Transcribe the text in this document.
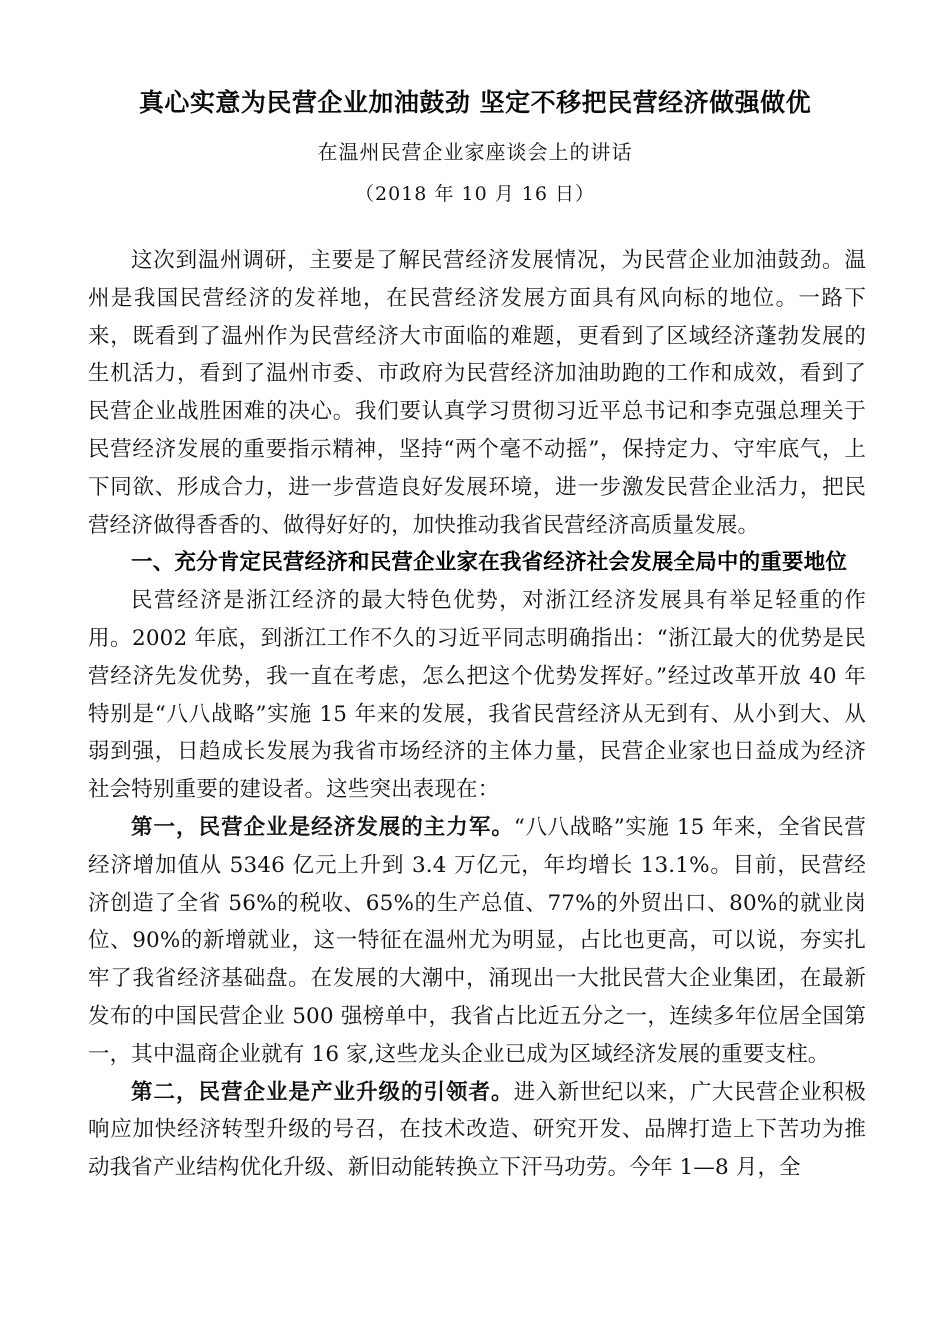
真心实意为民营企业加油鼓劲 坚定不移把民营经济做强做优
在温州民营企业家座谈会上的讲话
（2018 年 10 月 16 日）

这次到温州调研，主要是了解民营经济发展情况，为民营企业加油鼓劲。温州是我国民营经济的发祥地，在民营经济发展方面具有风向标的地位。一路下来，既看到了温州作为民营经济大市面临的难题，更看到了区域经济蓬勃发展的生机活力，看到了温州市委、市政府为民营经济加油助跑的工作和成效，看到了民营企业战胜困难的决心。我们要认真学习贯彻习近平总书记和李克强总理关于民营经济发展的重要指示精神，坚持“两个毫不动摇”，保持定力、守牢底气，上下同欲、形成合力，进一步营造良好发展环境，进一步激发民营企业活力，把民营经济做得香香的、做得好好的，加快推动我省民营经济高质量发展。

一、充分肯定民营经济和民营企业家在我省经济社会发展全局中的重要地位

民营经济是浙江经济的最大特色优势，对浙江经济发展具有举足轻重的作用。2002 年底，到浙江工作不久的习近平同志明确指出：“浙江最大的优势是民营经济先发优势，我一直在考虑，怎么把这个优势发挥好。”经过改革开放 40 年特别是“八八战略”实施 15 年来的发展，我省民营经济从无到有、从小到大、从弱到强，日趋成长发展为我省市场经济的主体力量，民营企业家也日益成为经济社会特别重要的建设者。这些突出表现在：

第一，民营企业是经济发展的主力军。“八八战略”实施 15 年来，全省民营经济增加值从 5346 亿元上升到 3.4 万亿元，年均增长 13.1%。目前，民营经济创造了全省 56%的税收、65%的生产总值、77%的外贸出口、80%的就业岗位、90%的新增就业，这一特征在温州尤为明显，占比也更高，可以说，夯实扎牢了我省经济基础盘。在发展的大潮中，涌现出一大批民营大企业集团，在最新发布的中国民营企业 500 强榜单中，我省占比近五分之一，连续多年位居全国第一，其中温商企业就有 16 家,这些龙头企业已成为区域经济发展的重要支柱。

第二，民营企业是产业升级的引领者。进入新世纪以来，广大民营企业积极响应加快经济转型升级的号召，在技术改造、研究开发、品牌打造上下苦功为推动我省产业结构优化升级、新旧动能转换立下汗马功劳。今年 1—8 月，全
